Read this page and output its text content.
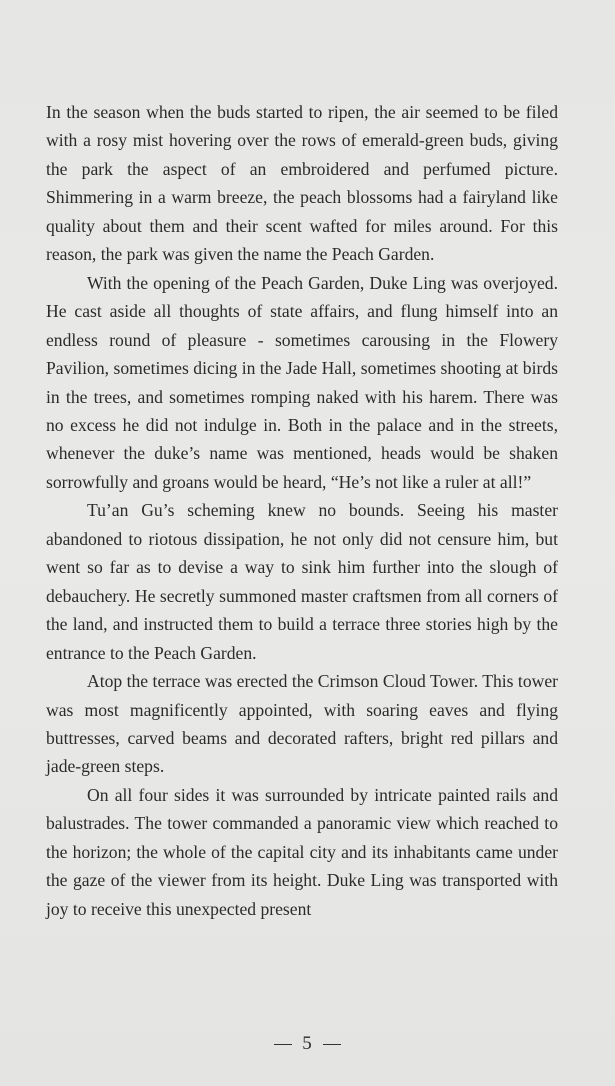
In the season when the buds started to ripen, the air seemed to be filed with a rosy mist hovering over the rows of emerald-green buds, giving the park the aspect of an embroidered and perfumed picture. Shimmering in a warm breeze, the peach blossoms had a fairyland like quality about them and their scent wafted for miles around. For this reason, the park was given the name the Peach Garden.

With the opening of the Peach Garden, Duke Ling was overjoyed. He cast aside all thoughts of state affairs, and flung himself into an endless round of pleasure - sometimes carousing in the Flowery Pavilion, sometimes dicing in the Jade Hall, sometimes shooting at birds in the trees, and sometimes romping naked with his harem. There was no excess he did not indulge in. Both in the palace and in the streets, whenever the duke’s name was mentioned, heads would be shaken sorrowfully and groans would be heard, “He’s not like a ruler at all!”

Tu’an Gu’s scheming knew no bounds. Seeing his master abandoned to riotous dissipation, he not only did not censure him, but went so far as to devise a way to sink him further into the slough of debauchery. He secretly summoned master craftsmen from all corners of the land, and instructed them to build a terrace three stories high by the entrance to the Peach Garden.

Atop the terrace was erected the Crimson Cloud Tower. This tower was most magnificently appointed, with soaring eaves and flying buttresses, carved beams and decorated rafters, bright red pillars and jade-green steps.

On all four sides it was surrounded by intricate painted rails and balustrades. The tower commanded a panoramic view which reached to the horizon; the whole of the capital city and its inhabitants came under the gaze of the viewer from its height. Duke Ling was transported with joy to receive this unexpected present

5
